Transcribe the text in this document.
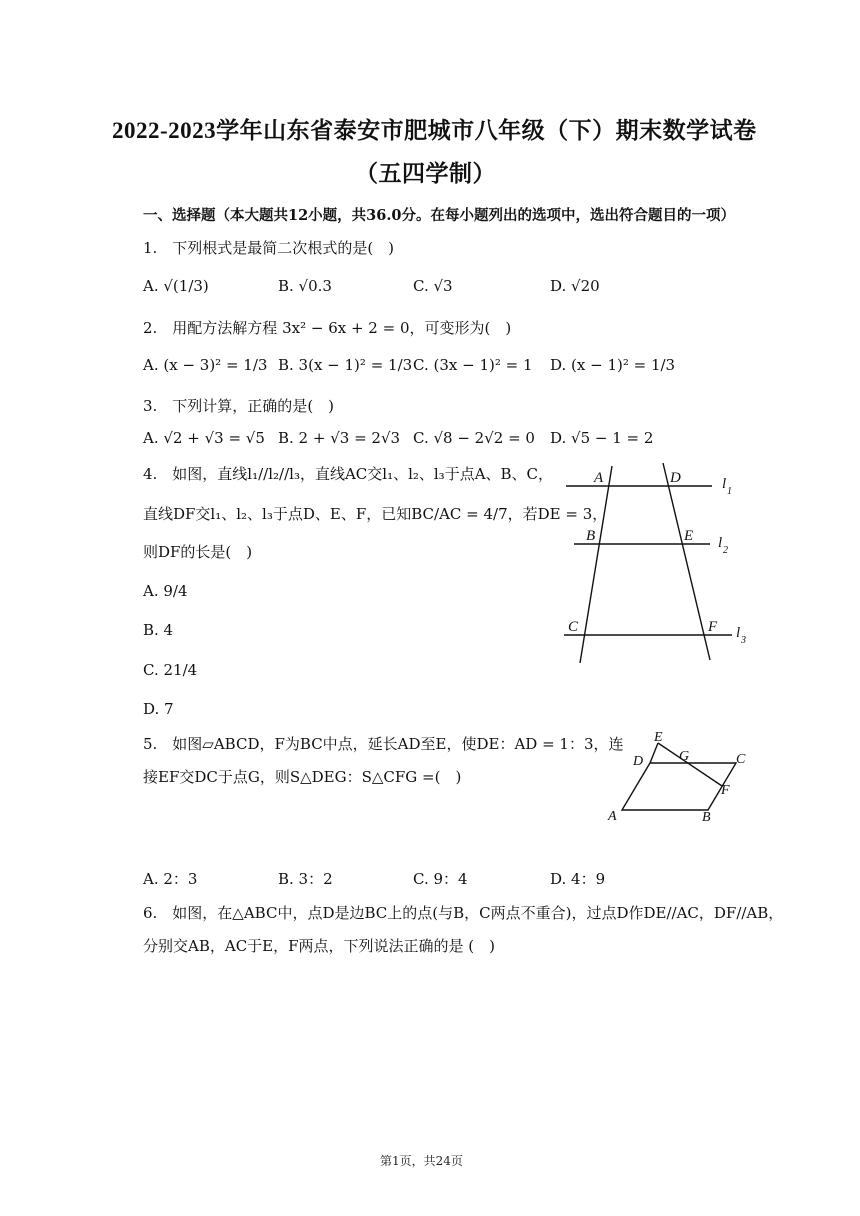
2022-2023学年山东省泰安市肥城市八年级（下）期末数学试卷
（五四学制）
一、选择题（本大题共12小题，共36.0分。在每小题列出的选项中，选出符合题目的一项）
1.　下列根式是最简二次根式的是(　)
A. √(1/3)	B. √0.3	C. √3	D. √20
2.　用配方法解方程 3x² − 6x + 2 = 0，可变形为(　)
A. (x − 3)² = 1/3 B. 3(x − 1)² = 1/3 C. (3x − 1)² = 1 D. (x − 1)² = 1/3
3.　下列计算，正确的是(　)
A. √2 + √3 = √5 B. 2 + √3 = 2√3 C. √8 − 2√2 = 0 D. √5 − 1 = 2
4.　如图，直线l₁//l₂//l₃，直线AC交l₁、l₂、l₃于点A、B、C，
直线DF交l₁、l₂、l₃于点D、E、F，已知BC/AC = 4/7，若DE = 3，
则DF的长是(　)
A. 9/4
B. 4
C. 21/4
D. 7
A	D	l 1
B	E l 2
C	F l 3
5.　如图▱ABCD，F为BC中点，延长AD至E，使DE：AD = 1：3，连
接EF交DC于点G，则S△DEG：S△CFG =(　)
A. 2：3	B. 3：2	C. 9：4	D. 4：9
E
G	C
D
F
A	B
6.　如图，在△ABC中，点D是边BC上的点(与B，C两点不重合)，过点D作DE//AC，DF//AB，
分别交AB，AC于E，F两点，下列说法正确的是 (　)
第1页，共24页
